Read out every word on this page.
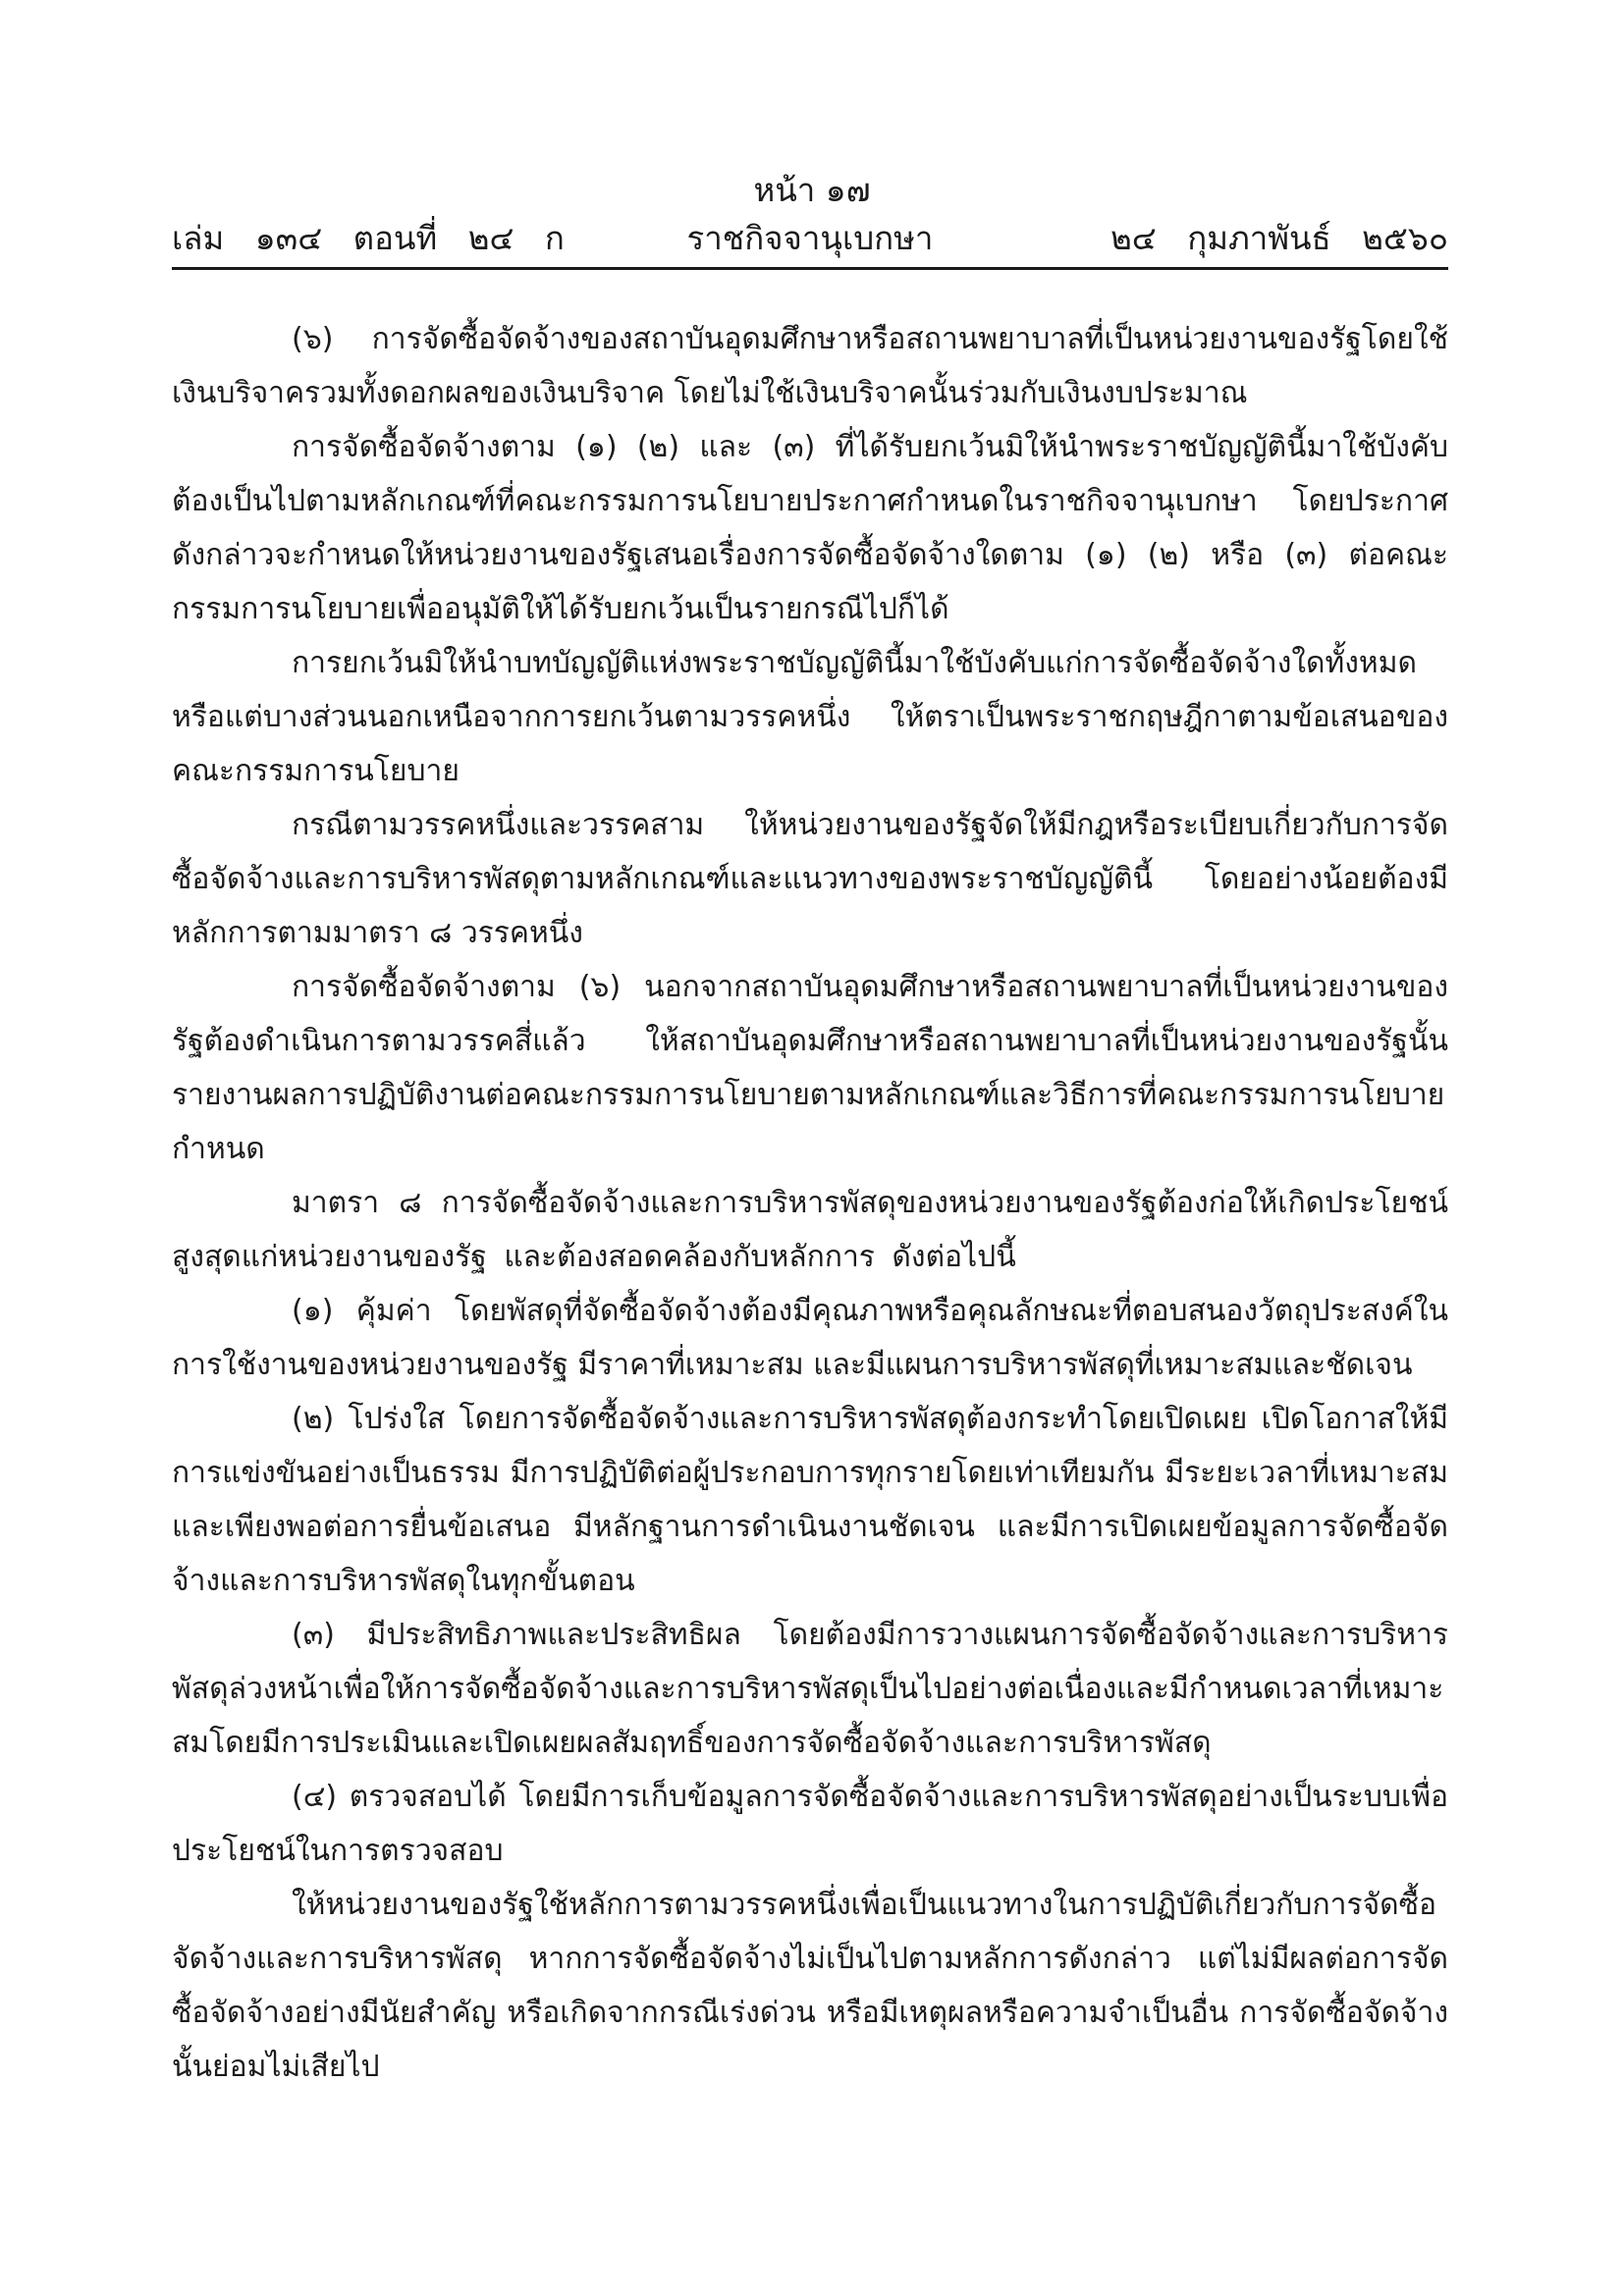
หน้า ๑๗
เล่ม   ๑๓๔   ตอนที่   ๒๔   ก	ราชกิจจานุเบกษา	๒๔   กุมภาพันธ์   ๒๕๖๐

(๖) การจัดซื้อจัดจ้างของสถาบันอุดมศึกษาหรือสถานพยาบาลที่เป็นหน่วยงานของรัฐโดยใช้เงินบริจาครวมทั้งดอกผลของเงินบริจาค โดยไม่ใช้เงินบริจาคนั้นร่วมกับเงินงบประมาณ

การจัดซื้อจัดจ้างตาม (๑) (๒) และ (๓) ที่ได้รับยกเว้นมิให้นำพระราชบัญญัตินี้มาใช้บังคับ ต้องเป็นไปตามหลักเกณฑ์ที่คณะกรรมการนโยบายประกาศกำหนดในราชกิจจานุเบกษา โดยประกาศดังกล่าวจะกำหนดให้หน่วยงานของรัฐเสนอเรื่องการจัดซื้อจัดจ้างใดตาม (๑) (๒) หรือ (๓) ต่อคณะกรรมการนโยบายเพื่ออนุมัติให้ได้รับยกเว้นเป็นรายกรณีไปก็ได้

การยกเว้นมิให้นำบทบัญญัติแห่งพระราชบัญญัตินี้มาใช้บังคับแก่การจัดซื้อจัดจ้างใดทั้งหมดหรือแต่บางส่วนนอกเหนือจากการยกเว้นตามวรรคหนึ่ง ให้ตราเป็นพระราชกฤษฎีกาตามข้อเสนอของคณะกรรมการนโยบาย

กรณีตามวรรคหนึ่งและวรรคสาม ให้หน่วยงานของรัฐจัดให้มีกฎหรือระเบียบเกี่ยวกับการจัดซื้อจัดจ้างและการบริหารพัสดุตามหลักเกณฑ์และแนวทางของพระราชบัญญัตินี้ โดยอย่างน้อยต้องมีหลักการตามมาตรา ๘ วรรคหนึ่ง

การจัดซื้อจัดจ้างตาม (๖) นอกจากสถาบันอุดมศึกษาหรือสถานพยาบาลที่เป็นหน่วยงานของรัฐต้องดำเนินการตามวรรคสี่แล้ว ให้สถาบันอุดมศึกษาหรือสถานพยาบาลที่เป็นหน่วยงานของรัฐนั้นรายงานผลการปฏิบัติงานต่อคณะกรรมการนโยบายตามหลักเกณฑ์และวิธีการที่คณะกรรมการนโยบายกำหนด

มาตรา ๘ การจัดซื้อจัดจ้างและการบริหารพัสดุของหน่วยงานของรัฐต้องก่อให้เกิดประโยชน์สูงสุดแก่หน่วยงานของรัฐ และต้องสอดคล้องกับหลักการ ดังต่อไปนี้

(๑) คุ้มค่า โดยพัสดุที่จัดซื้อจัดจ้างต้องมีคุณภาพหรือคุณลักษณะที่ตอบสนองวัตถุประสงค์ในการใช้งานของหน่วยงานของรัฐ มีราคาที่เหมาะสม และมีแผนการบริหารพัสดุที่เหมาะสมและชัดเจน

(๒) โปร่งใส โดยการจัดซื้อจัดจ้างและการบริหารพัสดุต้องกระทำโดยเปิดเผย เปิดโอกาสให้มีการแข่งขันอย่างเป็นธรรม มีการปฏิบัติต่อผู้ประกอบการทุกรายโดยเท่าเทียมกัน มีระยะเวลาที่เหมาะสมและเพียงพอต่อการยื่นข้อเสนอ มีหลักฐานการดำเนินงานชัดเจน และมีการเปิดเผยข้อมูลการจัดซื้อจัดจ้างและการบริหารพัสดุในทุกขั้นตอน

(๓) มีประสิทธิภาพและประสิทธิผล โดยต้องมีการวางแผนการจัดซื้อจัดจ้างและการบริหารพัสดุล่วงหน้าเพื่อให้การจัดซื้อจัดจ้างและการบริหารพัสดุเป็นไปอย่างต่อเนื่องและมีกำหนดเวลาที่เหมาะสมโดยมีการประเมินและเปิดเผยผลสัมฤทธิ์ของการจัดซื้อจัดจ้างและการบริหารพัสดุ

(๔) ตรวจสอบได้ โดยมีการเก็บข้อมูลการจัดซื้อจัดจ้างและการบริหารพัสดุอย่างเป็นระบบเพื่อประโยชน์ในการตรวจสอบ

ให้หน่วยงานของรัฐใช้หลักการตามวรรคหนึ่งเพื่อเป็นแนวทางในการปฏิบัติเกี่ยวกับการจัดซื้อจัดจ้างและการบริหารพัสดุ หากการจัดซื้อจัดจ้างไม่เป็นไปตามหลักการดังกล่าว แต่ไม่มีผลต่อการจัดซื้อจัดจ้างอย่างมีนัยสำคัญ หรือเกิดจากกรณีเร่งด่วน หรือมีเหตุผลหรือความจำเป็นอื่น การจัดซื้อจัดจ้างนั้นย่อมไม่เสียไป
